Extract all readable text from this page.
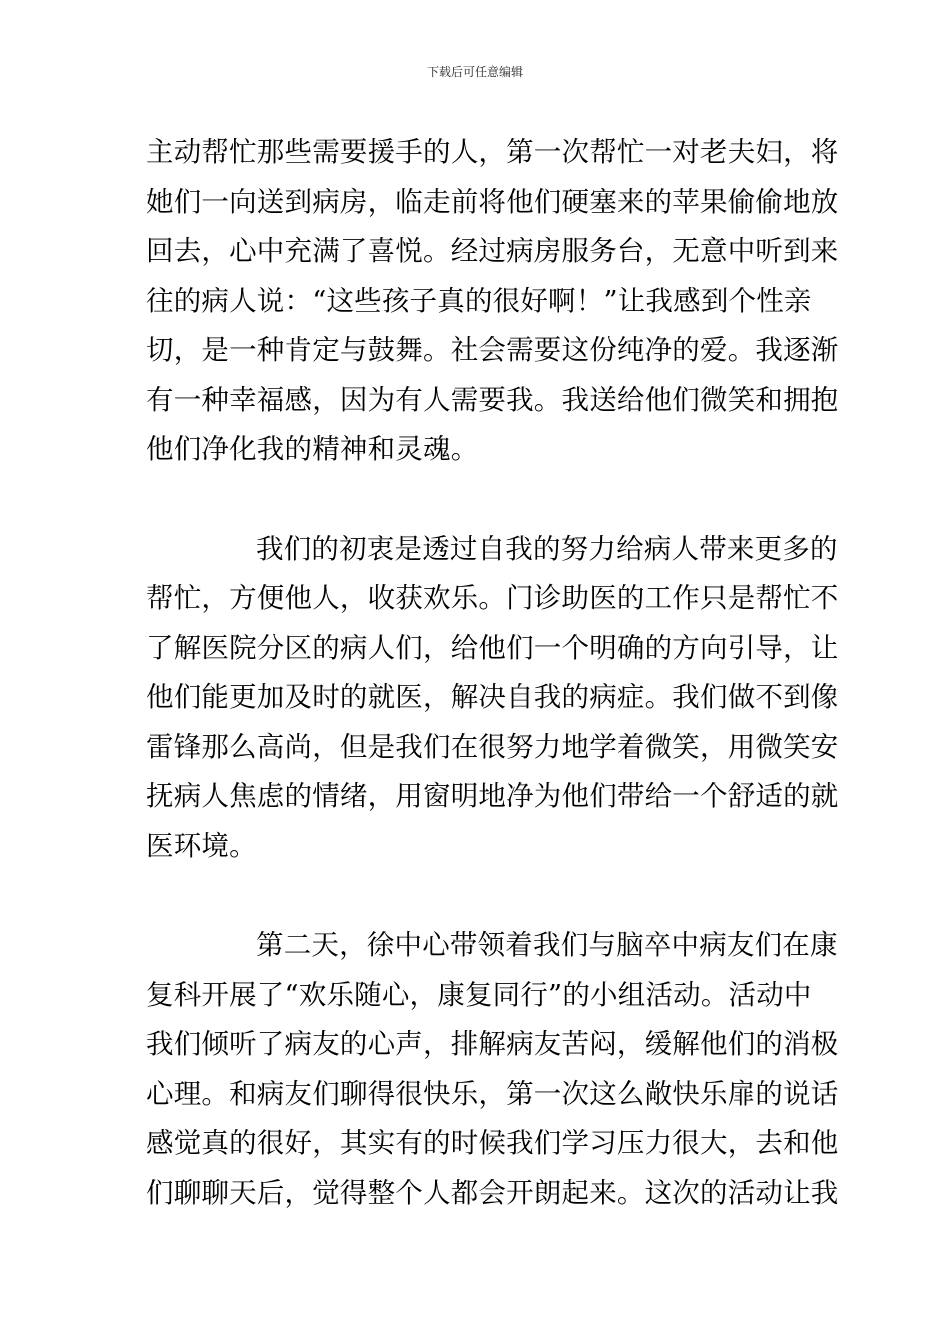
下载后可任意编辑
主动帮忙那些需要援手的人，第一次帮忙一对老夫妇，将
她们一向送到病房，临走前将他们硬塞来的苹果偷偷地放
回去，心中充满了喜悦。经过病房服务台，无意中听到来
往的病人说：“这些孩子真的很好啊！”让我感到个性亲
切，是一种肯定与鼓舞。社会需要这份纯净的爱。我逐渐
有一种幸福感，因为有人需要我。我送给他们微笑和拥抱
他们净化我的精神和灵魂。
我们的初衷是透过自我的努力给病人带来更多的
帮忙，方便他人，收获欢乐。门诊助医的工作只是帮忙不
了解医院分区的病人们，给他们一个明确的方向引导，让
他们能更加及时的就医，解决自我的病症。我们做不到像
雷锋那么高尚，但是我们在很努力地学着微笑，用微笑安
抚病人焦虑的情绪，用窗明地净为他们带给一个舒适的就
医环境。
第二天，徐中心带领着我们与脑卒中病友们在康
复科开展了“欢乐随心，康复同行”的小组活动。活动中
我们倾听了病友的心声，排解病友苦闷，缓解他们的消极
心理。和病友们聊得很快乐，第一次这么敞快乐扉的说话
感觉真的很好，其实有的时候我们学习压力很大，去和他
们聊聊天后，觉得整个人都会开朗起来。这次的活动让我
